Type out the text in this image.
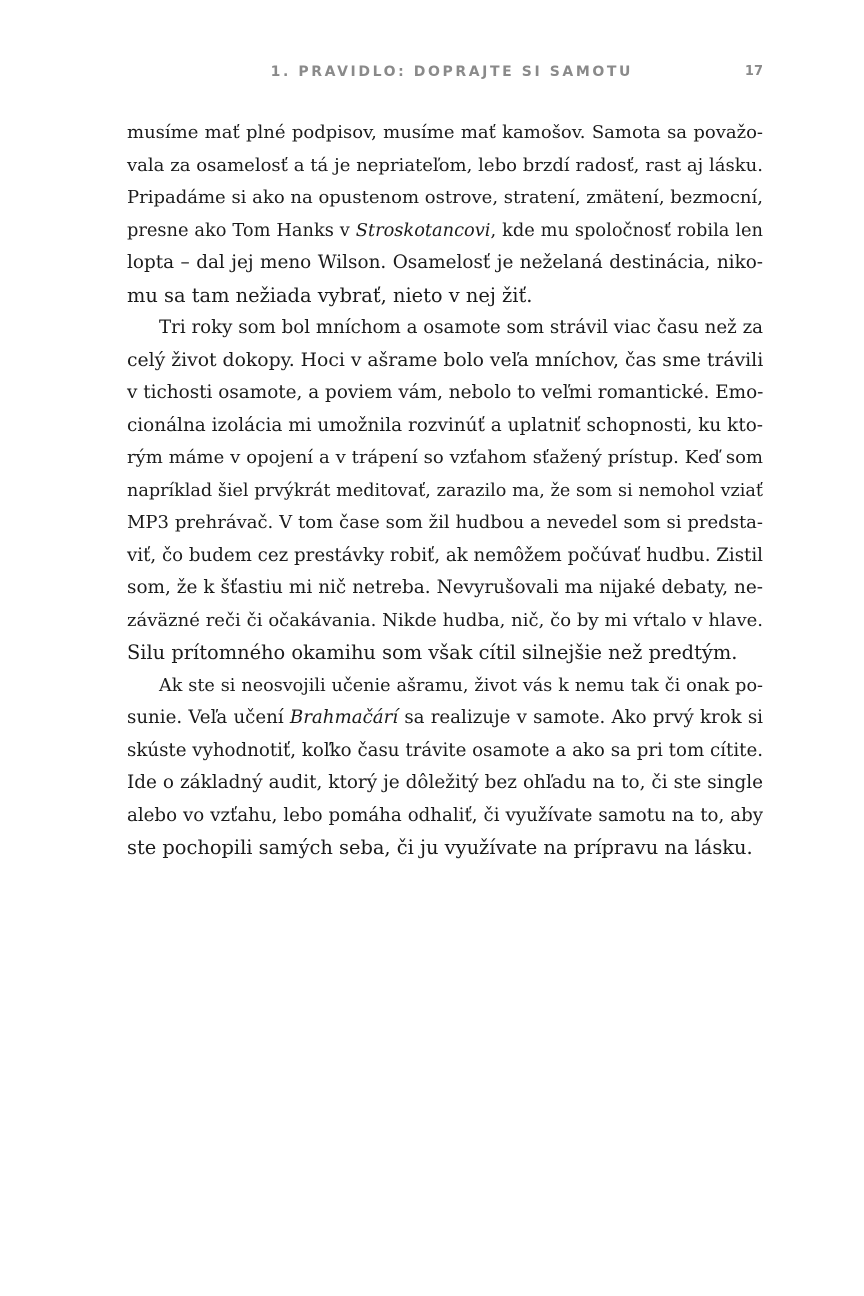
1. PRAVIDLO: DOPRAJTE SI SAMOTU	17
musíme mať plné podpisov, musíme mať kamošov. Samota sa považo-
vala za osamelosť a tá je nepriateľom, lebo brzdí radosť, rast aj lásku.
Pripadáme si ako na opustenom ostrove, stratení, zmätení, bezmocní,
presne ako Tom Hanks v Stroskotancovi, kde mu spoločnosť robila len
lopta – dal jej meno Wilson. Osamelosť je neželaná destinácia, niko-
mu sa tam nežiada vybrať, nieto v nej žiť.
Tri roky som bol mníchom a osamote som strávil viac času než za
celý život dokopy. Hoci v ašrame bolo veľa mníchov, čas sme trávili
v tichosti osamote, a poviem vám, nebolo to veľmi romantické. Emo-
cionálna izolácia mi umožnila rozvinúť a uplatniť schopnosti, ku kto-
rým máme v opojení a v trápení so vzťahom sťažený prístup. Keď som
napríklad šiel prvýkrát meditovať, zarazilo ma, že som si nemohol vziať
MP3 prehrávač. V tom čase som žil hudbou a nevedel som si predsta-
viť, čo budem cez prestávky robiť, ak nemôžem počúvať hudbu. Zistil
som, že k šťastiu mi nič netreba. Nevyrušovali ma nijaké debaty, ne-
záväzné reči či očakávania. Nikde hudba, nič, čo by mi vŕtalo v hlave.
Silu prítomného okamihu som však cítil silnejšie než predtým.
Ak ste si neosvojili učenie ašramu, život vás k nemu tak či onak po-
sunie. Veľa učení Brahmačárí sa realizuje v samote. Ako prvý krok si
skúste vyhodnotiť, koľko času trávite osamote a ako sa pri tom cítite.
Ide o základný audit, ktorý je dôležitý bez ohľadu na to, či ste single
alebo vo vzťahu, lebo pomáha odhaliť, či využívate samotu na to, aby
ste pochopili samých seba, či ju využívate na prípravu na lásku.
